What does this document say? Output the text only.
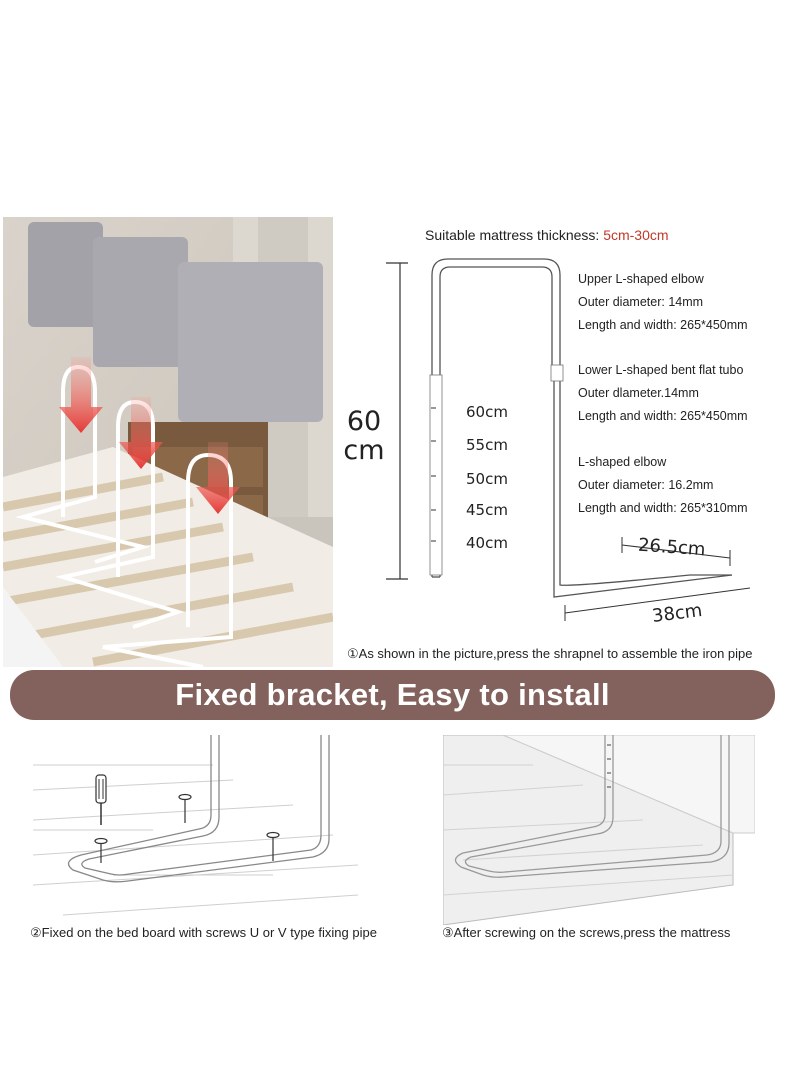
Suitable mattress thickness: 5cm-30cm
60
cm
60cm
55cm
50cm
45cm
40cm	26.5cm
38cm
Upper L-shaped elbow
Outer diameter: 14mm
Length and width: 265*450mm
Lower L-shaped bent flat tubo
Outer dlameter.14mm
Length and width: 265*450mm
L-shaped elbow
Outer diameter: 16.2mm
Length and width: 265*310mm
①As shown in the picture,press the shrapnel to assemble the iron pipe
Fixed bracket, Easy to install
②Fixed on the bed board with screws U or V type fixing pipe	③After screwing on the screws,press the mattress
